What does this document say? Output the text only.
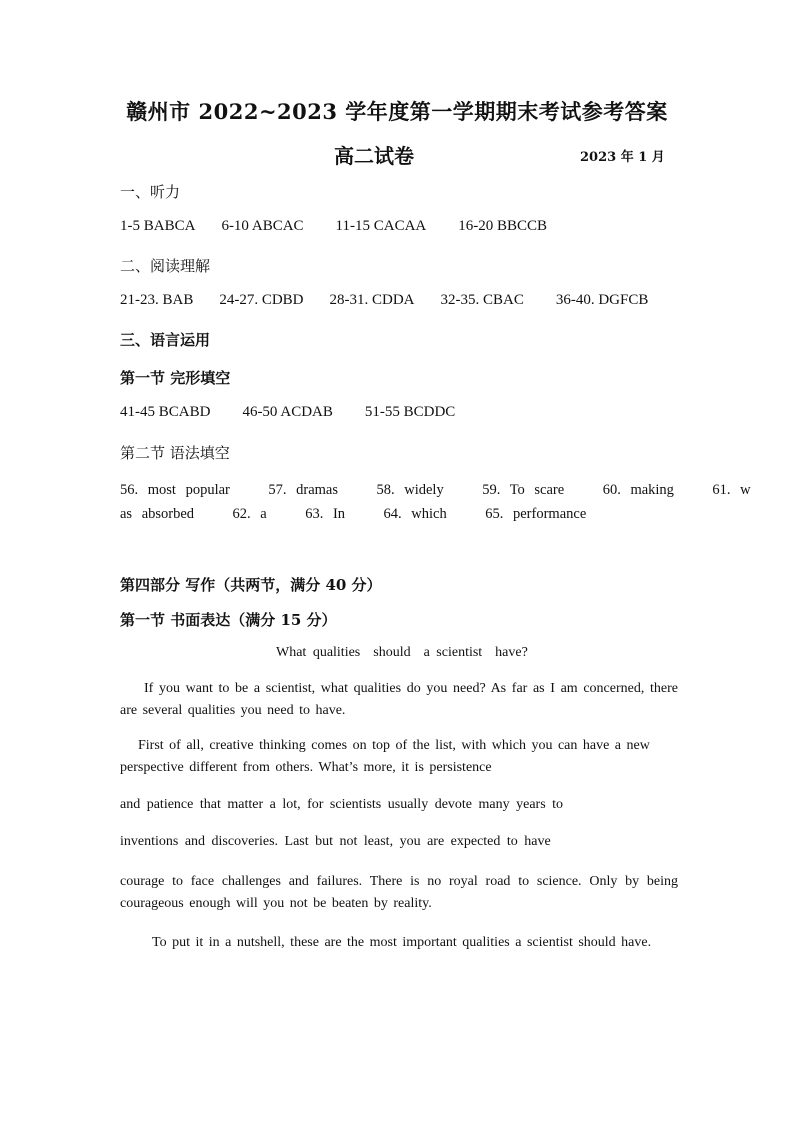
赣州市 2022~2023 学年度第一学期期末考试参考答案
高二试卷	2023 年 1 月
一、听力
1-5 BABCA 6-10 ABCAC 11-15 CACAA 16-20 BBCCB
二、阅读理解
21-23. BAB 24-27. CDBD 28-31. CDDA 32-35. CBAC 36-40. DGFCB
三、语言运用
第一节 完形填空
41-45 BCABD 46-50 ACDAB 51-55 BCDDC
第二节 语法填空
56. most popular    57. dramas    58. widely    59. To scare    60. making    61. w
as absorbed    62. a    63. In    64. which    65. performance
第四部分 写作（共两节，满分 40 分）
第一节 书面表达（满分 15 分）
What qualities  should  a scientist  have?
If you want to be a scientist, what qualities do you need? As far as I am concerned, there are several qualities you need to have.
First of all, creative thinking comes on top of the list, with which you can have a new perspective different from others. What’s more, it is persistence
and patience that matter a lot, for scientists usually devote many years to
inventions and discoveries. Last but not least, you are expected to have
courage to face challenges and failures. There is no royal road to science. Only by being courageous enough will you not be beaten by reality.
To put it in a nutshell, these are the most important qualities a scientist should have.
